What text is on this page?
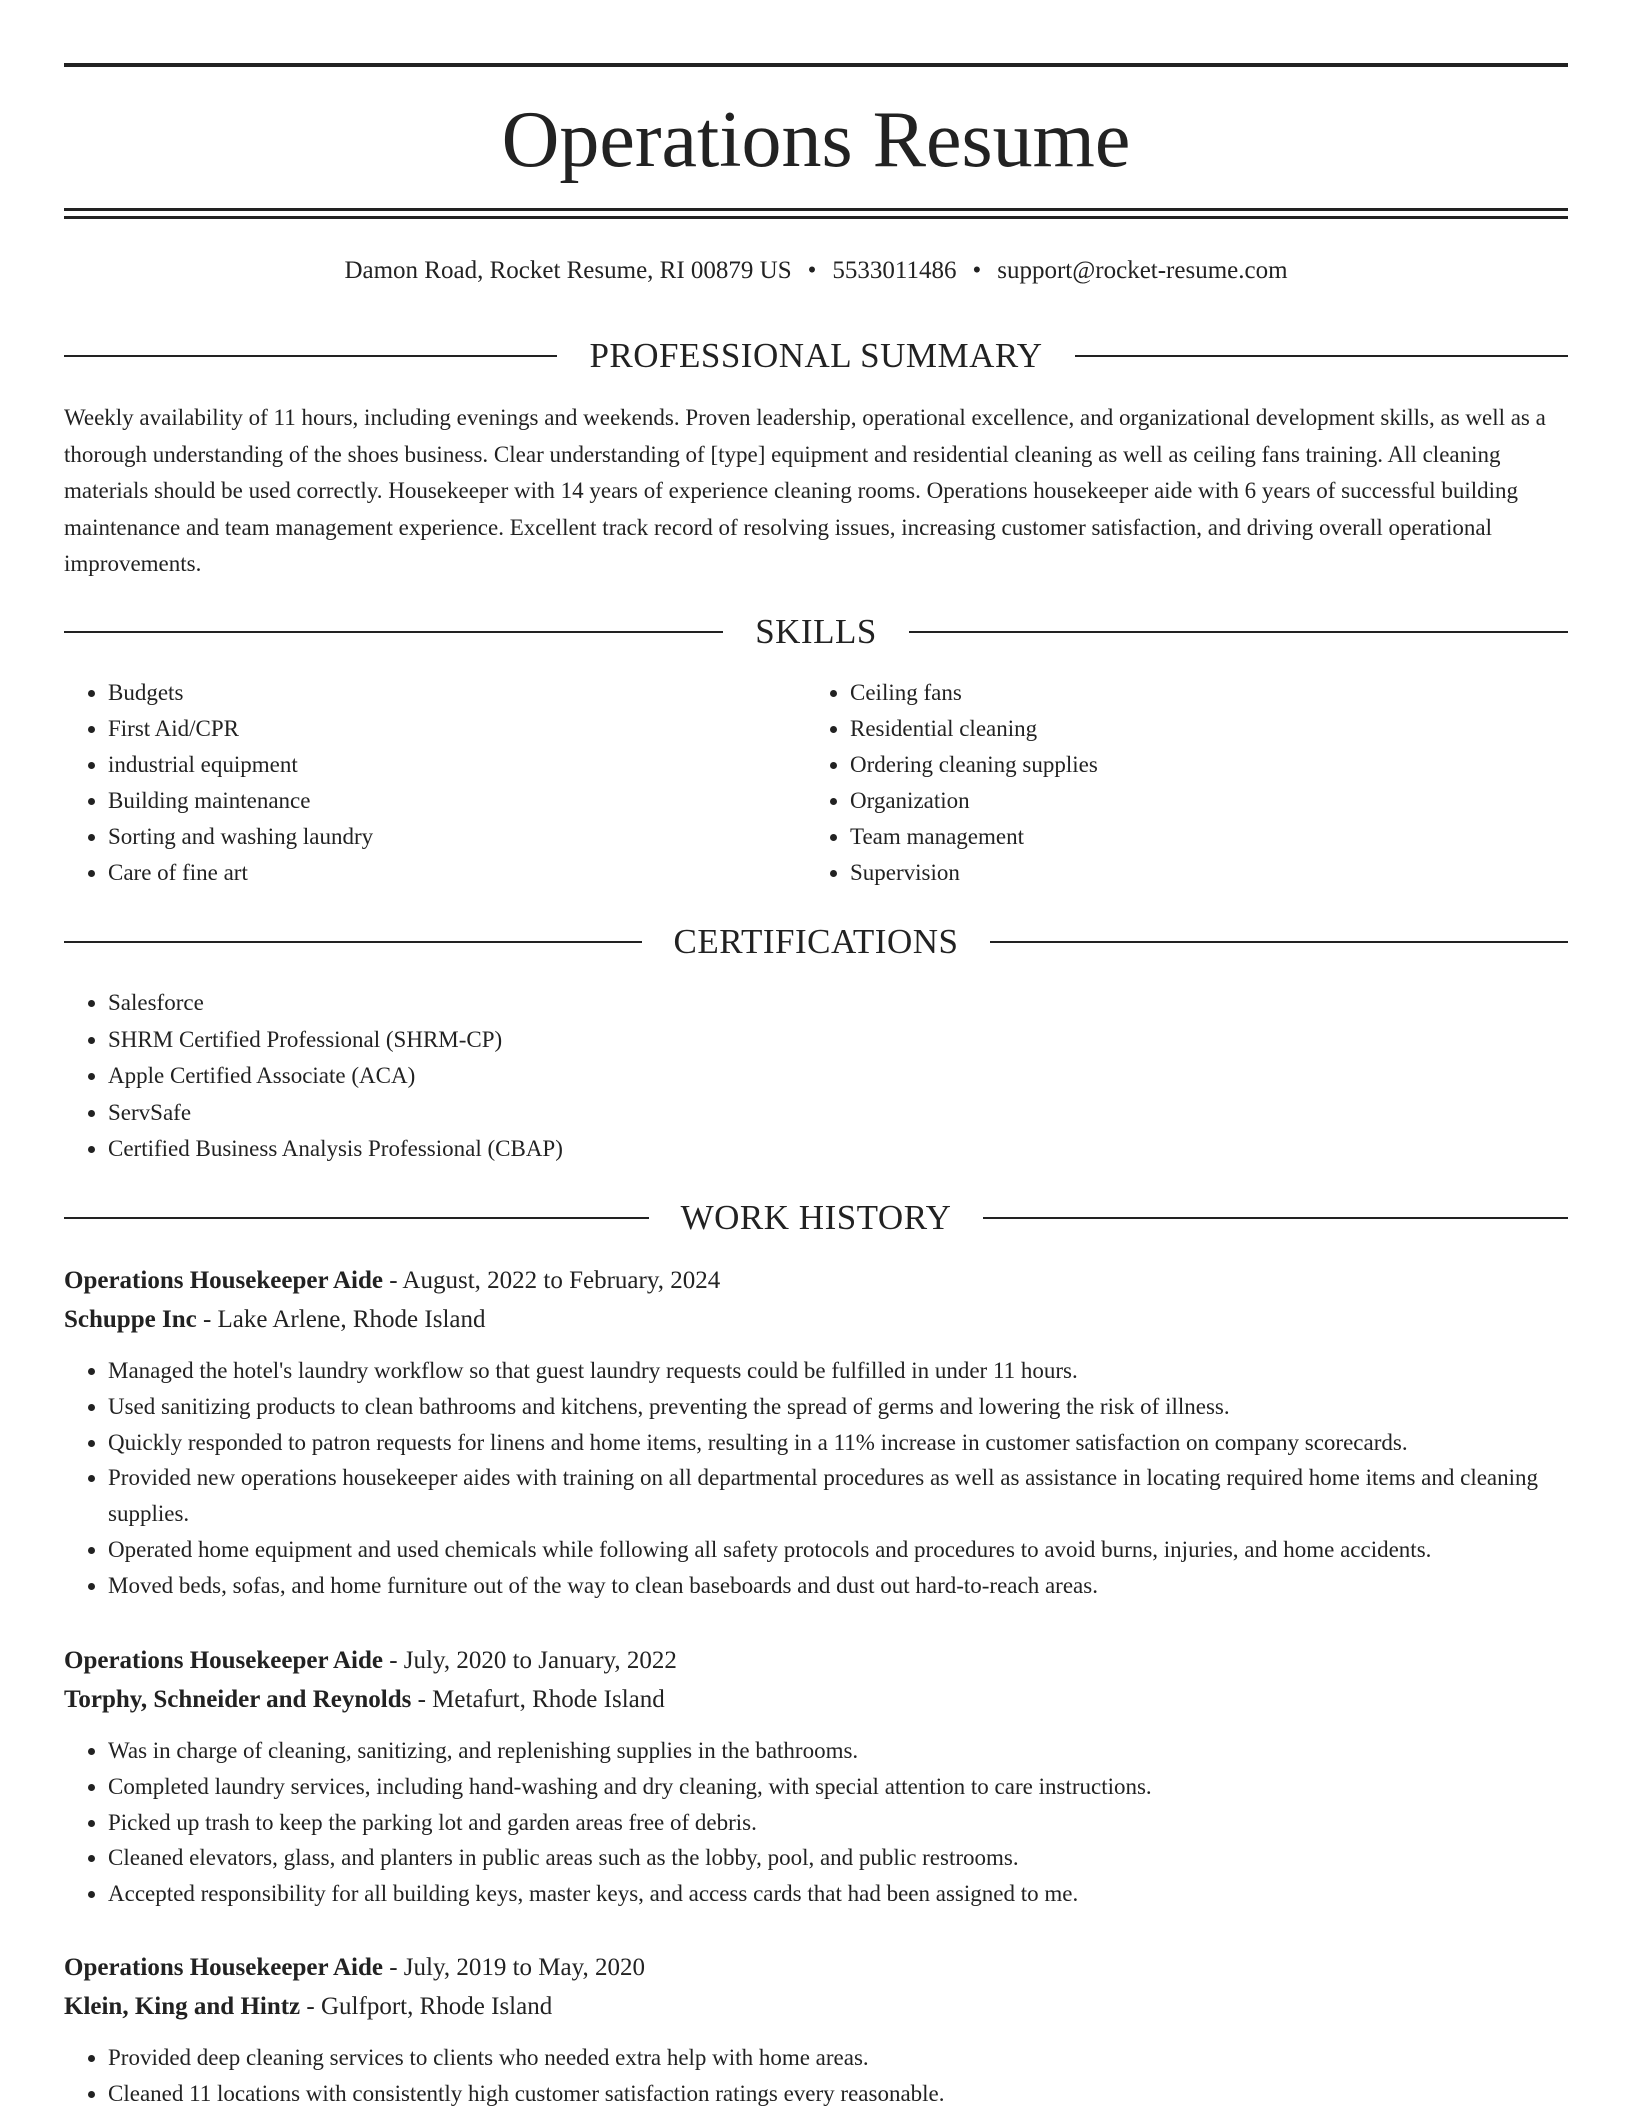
Operations Resume
Damon Road, Rocket Resume, RI 00879 US • 5533011486 • support@rocket-resume.com
PROFESSIONAL SUMMARY
Weekly availability of 11 hours, including evenings and weekends. Proven leadership, operational excellence, and organizational development skills, as well as a thorough understanding of the shoes business. Clear understanding of [type] equipment and residential cleaning as well as ceiling fans training. All cleaning materials should be used correctly. Housekeeper with 14 years of experience cleaning rooms. Operations housekeeper aide with 6 years of successful building maintenance and team management experience. Excellent track record of resolving issues, increasing customer satisfaction, and driving overall operational improvements.
SKILLS
• Budgets
• First Aid/CPR
• industrial equipment
• Building maintenance
• Sorting and washing laundry
• Care of fine art
• Ceiling fans
• Residential cleaning
• Ordering cleaning supplies
• Organization
• Team management
• Supervision
CERTIFICATIONS
• Salesforce
• SHRM Certified Professional (SHRM-CP)
• Apple Certified Associate (ACA)
• ServSafe
• Certified Business Analysis Professional (CBAP)
WORK HISTORY
Operations Housekeeper Aide - August, 2022 to February, 2024
Schuppe Inc - Lake Arlene, Rhode Island
• Managed the hotel's laundry workflow so that guest laundry requests could be fulfilled in under 11 hours.
• Used sanitizing products to clean bathrooms and kitchens, preventing the spread of germs and lowering the risk of illness.
• Quickly responded to patron requests for linens and home items, resulting in a 11% increase in customer satisfaction on company scorecards.
• Provided new operations housekeeper aides with training on all departmental procedures as well as assistance in locating required home items and cleaning supplies.
• Operated home equipment and used chemicals while following all safety protocols and procedures to avoid burns, injuries, and home accidents.
• Moved beds, sofas, and home furniture out of the way to clean baseboards and dust out hard-to-reach areas.
Operations Housekeeper Aide - July, 2020 to January, 2022
Torphy, Schneider and Reynolds - Metafurt, Rhode Island
• Was in charge of cleaning, sanitizing, and replenishing supplies in the bathrooms.
• Completed laundry services, including hand-washing and dry cleaning, with special attention to care instructions.
• Picked up trash to keep the parking lot and garden areas free of debris.
• Cleaned elevators, glass, and planters in public areas such as the lobby, pool, and public restrooms.
• Accepted responsibility for all building keys, master keys, and access cards that had been assigned to me.
Operations Housekeeper Aide - July, 2019 to May, 2020
Klein, King and Hintz - Gulfport, Rhode Island
• Provided deep cleaning services to clients who needed extra help with home areas.
• Cleaned 11 locations with consistently high customer satisfaction ratings every reasonable.
